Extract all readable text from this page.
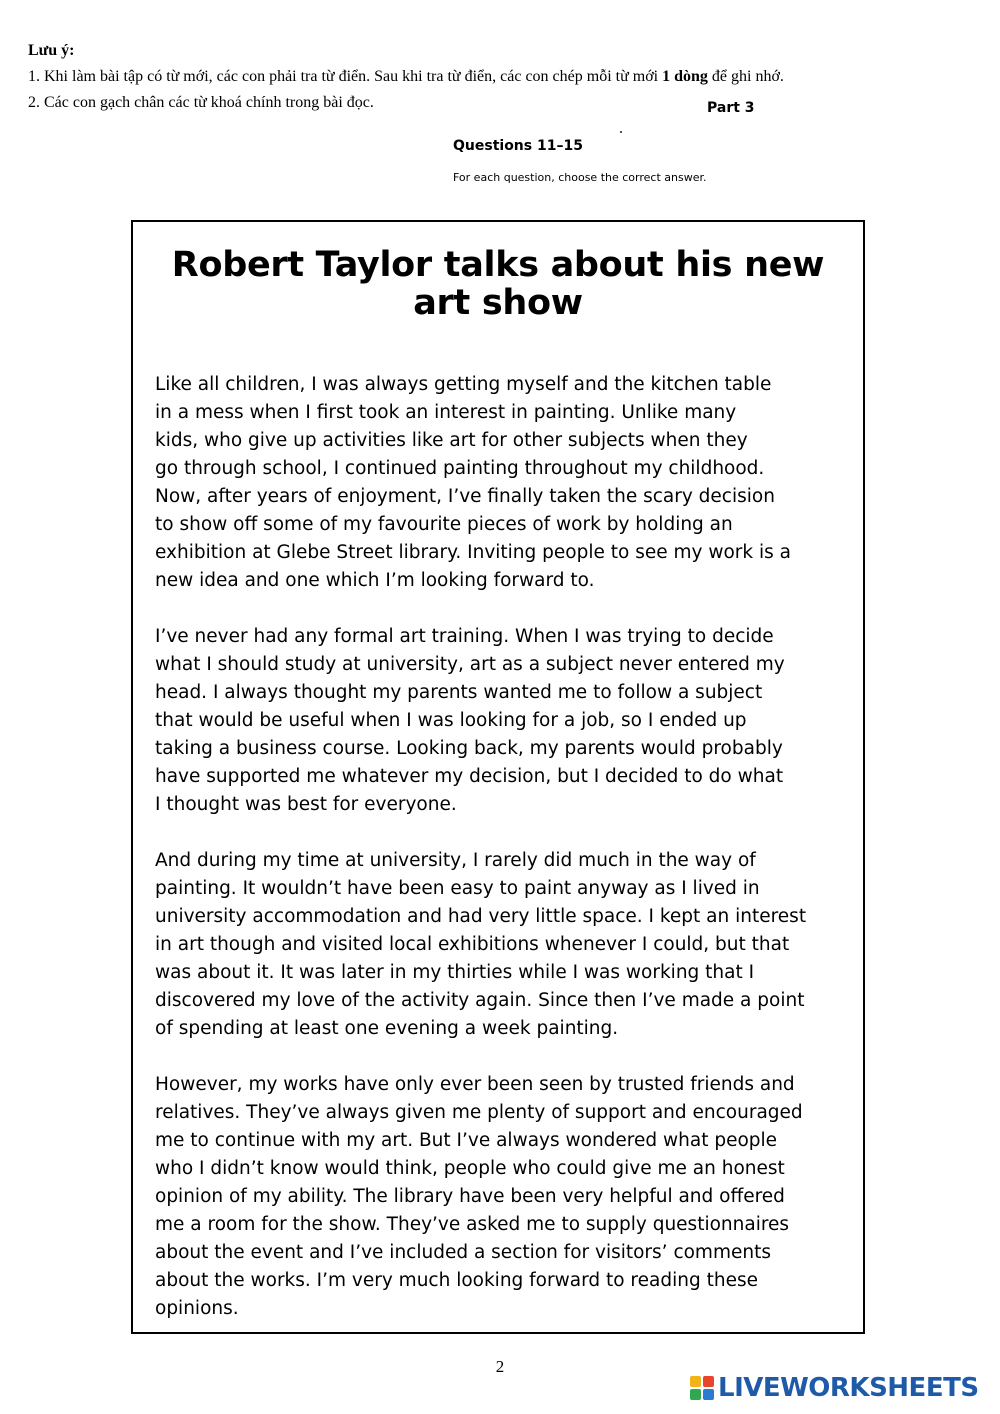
Lưu ý:
1. Khi làm bài tập có từ mới, các con phải tra từ điển. Sau khi tra từ điển, các con chép mỗi từ mới 1 dòng để ghi nhớ.
2. Các con gạch chân các từ khoá chính trong bài đọc.	Part 3
Questions 11–15
For each question, choose the correct answer.
Robert Taylor talks about his new
art show
Like all children, I was always getting myself and the kitchen table
in a mess when I first took an interest in painting. Unlike many
kids, who give up activities like art for other subjects when they
go through school, I continued painting throughout my childhood.
Now, after years of enjoyment, I’ve finally taken the scary decision
to show off some of my favourite pieces of work by holding an
exhibition at Glebe Street library. Inviting people to see my work is a
new idea and one which I’m looking forward to.
I’ve never had any formal art training. When I was trying to decide
what I should study at university, art as a subject never entered my
head. I always thought my parents wanted me to follow a subject
that would be useful when I was looking for a job, so I ended up
taking a business course. Looking back, my parents would probably
have supported me whatever my decision, but I decided to do what
I thought was best for everyone.
And during my time at university, I rarely did much in the way of
painting. It wouldn’t have been easy to paint anyway as I lived in
university accommodation and had very little space. I kept an interest
in art though and visited local exhibitions whenever I could, but that
was about it. It was later in my thirties while I was working that I
discovered my love of the activity again. Since then I’ve made a point
of spending at least one evening a week painting.
However, my works have only ever been seen by trusted friends and
relatives. They’ve always given me plenty of support and encouraged
me to continue with my art. But I’ve always wondered what people
who I didn’t know would think, people who could give me an honest
opinion of my ability. The library have been very helpful and offered
me a room for the show. They’ve asked me to supply questionnaires
about the event and I’ve included a section for visitors’ comments
about the works. I’m very much looking forward to reading these
opinions.
2
LIVEWORKSHEETS
